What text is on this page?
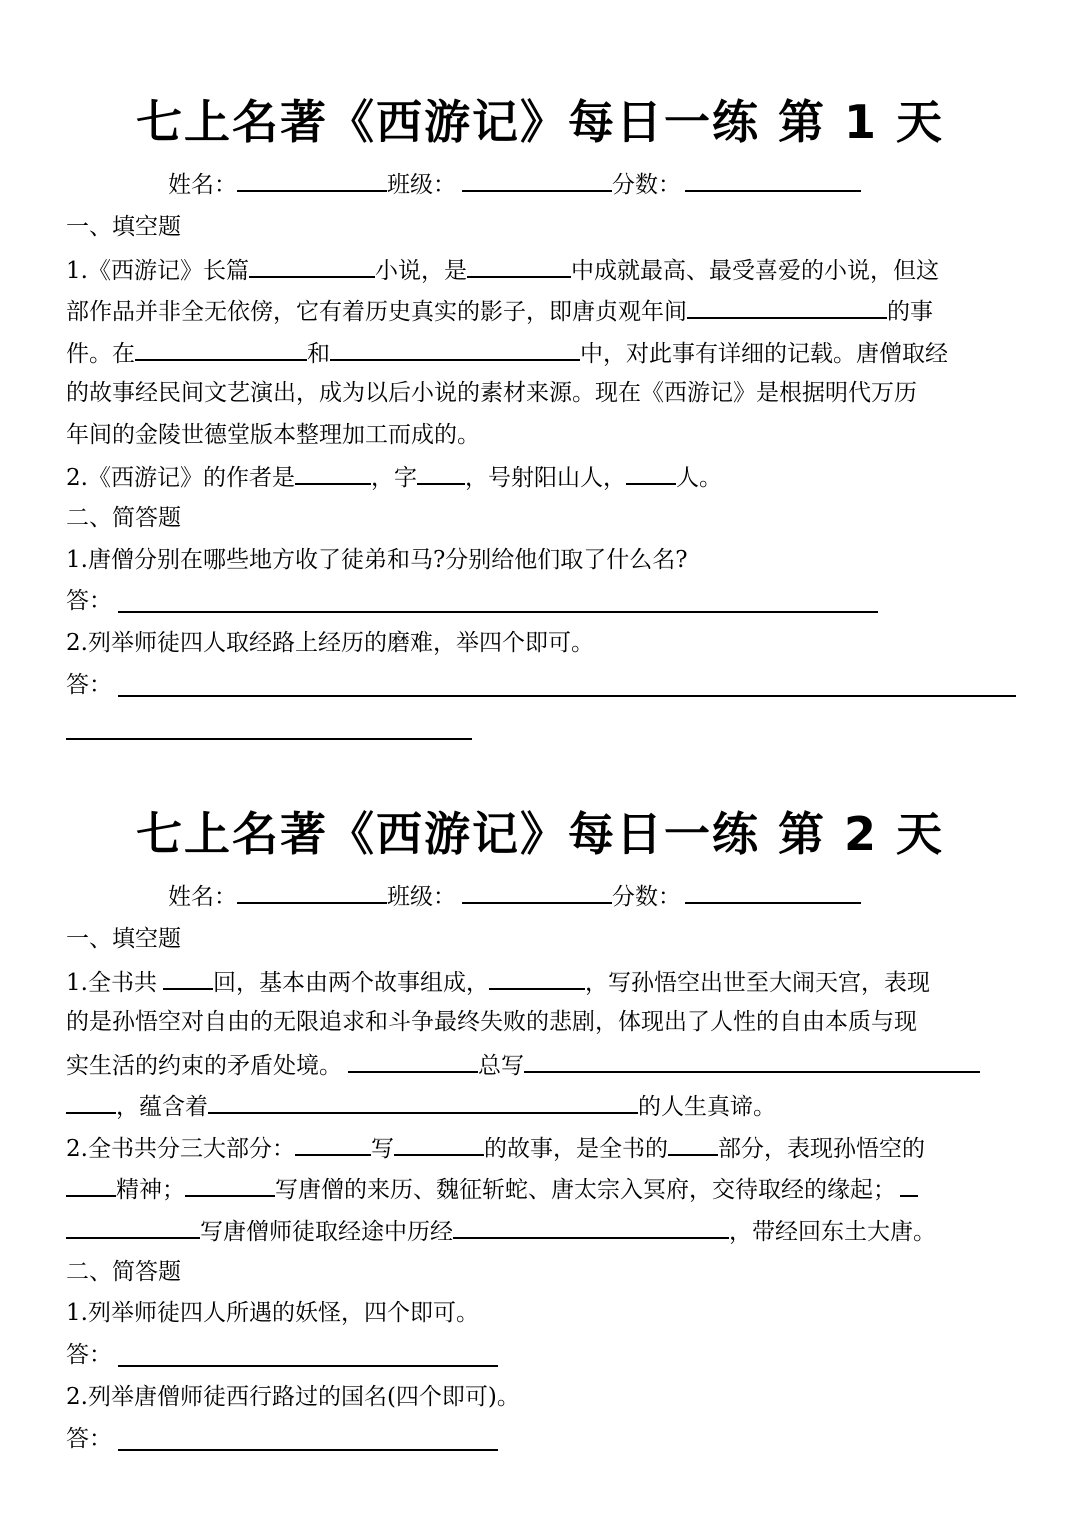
七上名著《西游记》每日一练 第 1 天
姓名：	班级：	分数：
一、填空题
1.《西游记》长篇	小说，是	中成就最高、最受喜爱的小说，但这
部作品并非全无依傍，它有着历史真实的影子，即唐贞观年间	的事
件。在	和	中，对此事有详细的记载。唐僧取经
的故事经民间文艺演出，成为以后小说的素材来源。现在《西游记》是根据明代万历
年间的金陵世德堂版本整理加工而成的。
2.《西游记》的作者是	，字 ，号射阳山人， 人。
二、简答题
1.唐僧分别在哪些地方收了徒弟和马?分别给他们取了什么名?
答：
2.列举师徒四人取经路上经历的磨难，举四个即可。
答：
七上名著《西游记》每日一练 第 2 天
姓名：	班级：	分数：
一、填空题
1.全书共 回，基本由两个故事组成，	，写孙悟空出世至大闹天宫，表现
的是孙悟空对自由的无限追求和斗争最终失败的悲剧，体现出了人性的自由本质与现
实生活的约束的矛盾处境。	总写
，蕴含着	的人生真谛。
2.全书共分三大部分：	写	的故事，是全书的 部分，表现孙悟空的
精神；	写唐僧的来历、魏征斩蛇、唐太宗入冥府，交待取经的缘起；
写唐僧师徒取经途中历经	，带经回东土大唐。
二、简答题
1.列举师徒四人所遇的妖怪，四个即可。
答：
2.列举唐僧师徒西行路过的国名(四个即可)。
答：
